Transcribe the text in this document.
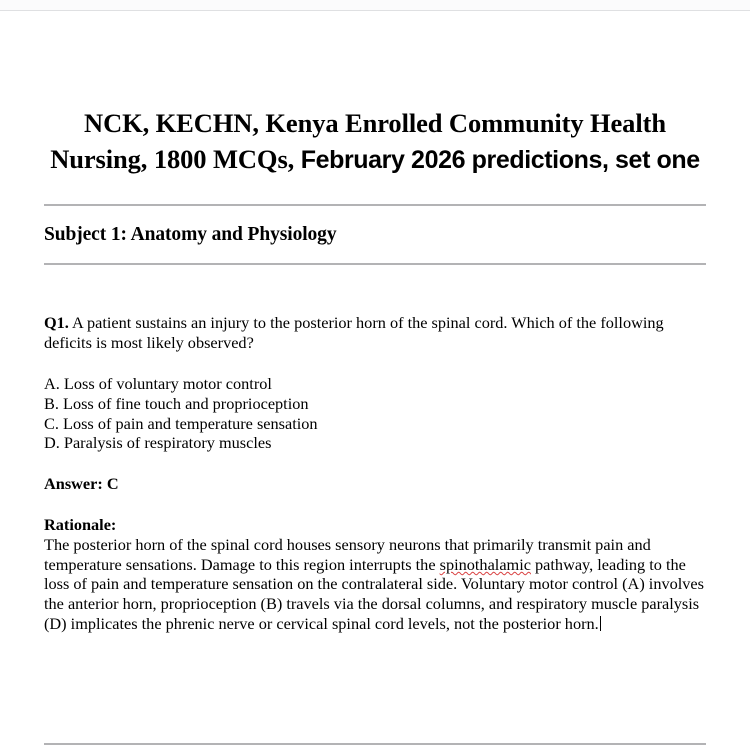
NCK, KECHN, Kenya Enrolled Community Health Nursing, 1800 MCQs, February 2026 predictions, set one
Subject 1: Anatomy and Physiology

Q1. A patient sustains an injury to the posterior horn of the spinal cord. Which of the following deficits is most likely observed?

A. Loss of voluntary motor control
B. Loss of fine touch and proprioception
C. Loss of pain and temperature sensation
D. Paralysis of respiratory muscles

Answer: C

Rationale:

The posterior horn of the spinal cord houses sensory neurons that primarily transmit pain and temperature sensations. Damage to this region interrupts the spinothalamic pathway, leading to the loss of pain and temperature sensation on the contralateral side. Voluntary motor control (A) involves the anterior horn, proprioception (B) travels via the dorsal columns, and respiratory muscle paralysis (D) implicates the phrenic nerve or cervical spinal cord levels, not the posterior horn.
